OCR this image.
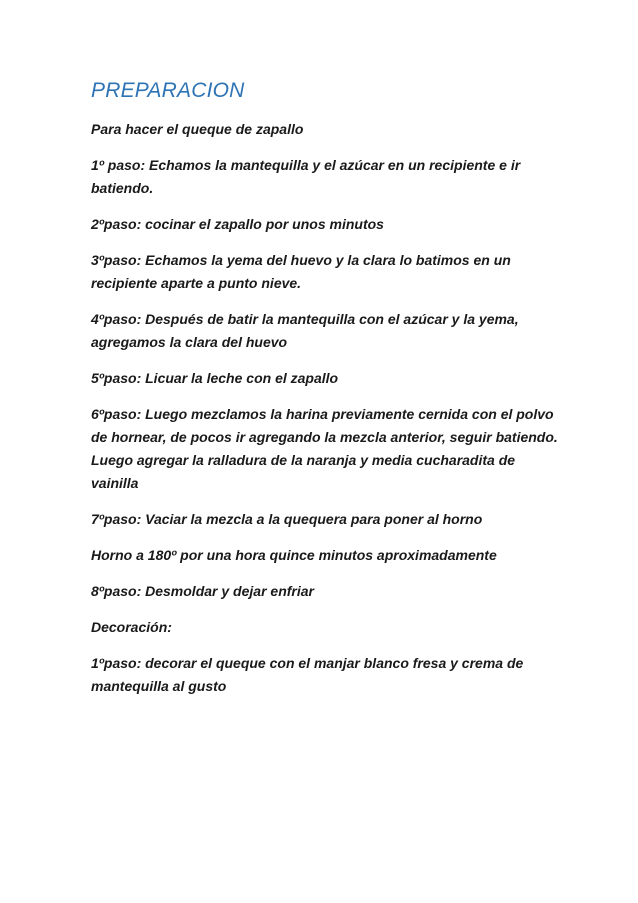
PREPARACION

Para hacer el queque de zapallo

1º paso: Echamos la mantequilla y el azúcar en un recipiente e ir batiendo.

2ºpaso: cocinar el zapallo por unos minutos

3ºpaso: Echamos la yema del huevo y la clara lo batimos en un recipiente aparte a punto nieve.

4ºpaso: Después de batir la mantequilla con el azúcar y la yema, agregamos la clara del huevo

5ºpaso: Licuar la leche con el zapallo

6ºpaso: Luego mezclamos la harina previamente cernida con el polvo de hornear, de pocos ir agregando la mezcla anterior, seguir batiendo. Luego agregar la ralladura de la naranja y media cucharadita de vainilla

7ºpaso: Vaciar la mezcla a la quequera para poner al horno

Horno a 180º por una hora quince minutos aproximadamente

8ºpaso: Desmoldar y dejar enfriar

Decoración:

1ºpaso: decorar el queque con el manjar blanco fresa y crema de mantequilla al gusto
